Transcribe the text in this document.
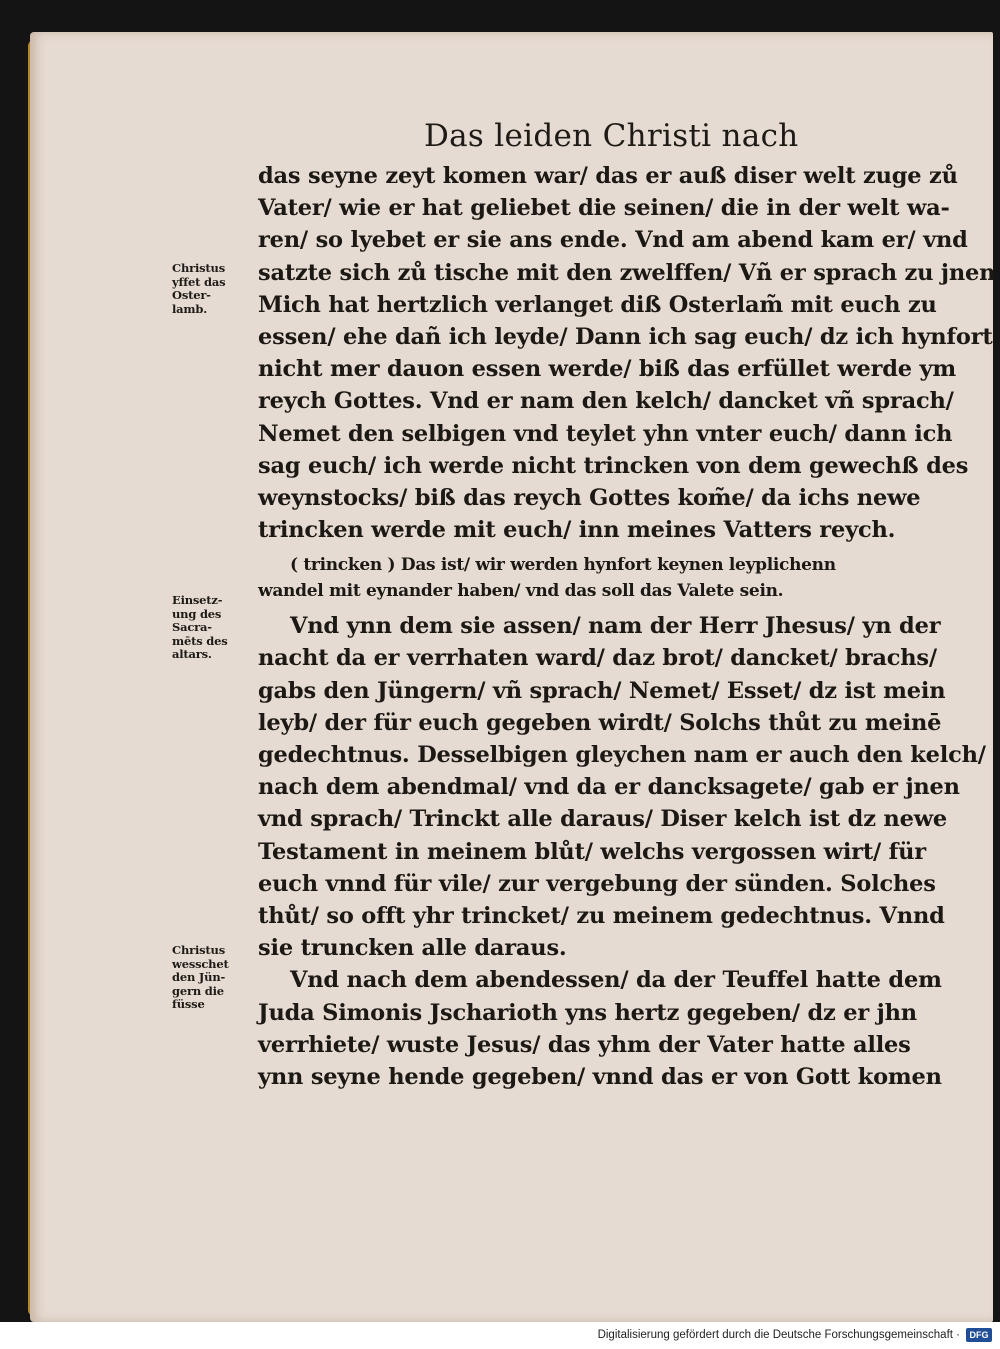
Das leiden Christi nach
das seyne zeyt komen war/ das er auß diser welt zuge zů
Vater/ wie er hat geliebet die seinen/ die in der welt wa-
ren/ so lyebet er sie ans ende. Vnd am abend kam er/ vnd
satzte sich zů tische mit den zwelffen/ Vñ er sprach zu jnen
Mich hat hertzlich verlanget diß Osterlam̃ mit euch zu
essen/ ehe dañ ich leyde/ Dann ich sag euch/ dz ich hynfort
nicht mer dauon essen werde/ biß das erfüllet werde ym
reych Gottes. Vnd er nam den kelch/ dancket vñ sprach/
Nemet den selbigen vnd teylet yhn vnter euch/ dann ich
sag euch/ ich werde nicht trincken von dem gewechß des
weynstocks/ biß das reych Gottes kom̃e/ da ichs newe
trincken werde mit euch/ inn meines Vatters reych.
( trincken ) Das ist/ wir werden hynfort keynen leyplichenn
wandel mit eynander haben/ vnd das soll das Valete sein.
Vnd ynn dem sie assen/ nam der Herr Jhesus/ yn der
nacht da er verrhaten ward/ daz brot/ dancket/ brachs/
gabs den Jüngern/ vñ sprach/ Nemet/ Esset/ dz ist mein
leyb/ der für euch gegeben wirdt/ Solchs thůt zu meinē
gedechtnus. Desselbigen gleychen nam er auch den kelch/
nach dem abendmal/ vnd da er dancksagete/ gab er jnen
vnd sprach/ Trinckt alle daraus/ Diser kelch ist dz newe
Testament in meinem blůt/ welchs vergossen wirt/ für
euch vnnd für vile/ zur vergebung der sünden. Solches
thůt/ so offt yhr trincket/ zu meinem gedechtnus. Vnnd
sie truncken alle daraus.
Vnd nach dem abendessen/ da der Teuffel hatte dem
Juda Simonis Jscharioth yns hertz gegeben/ dz er jhn
verrhiete/ wuste Jesus/ das yhm der Vater hatte alles
ynn seyne hende gegeben/ vnnd das er von Gott komen
Christus
yffet das
Oster-
lamb.
Einsetz-
ung des
Sacra-
mēts des
altars.
Christus
wesschet
den Jün-
gern die
füsse
Digitalisierung gefördert durch die Deutsche Forschungsgemeinschaft ·	DFG
